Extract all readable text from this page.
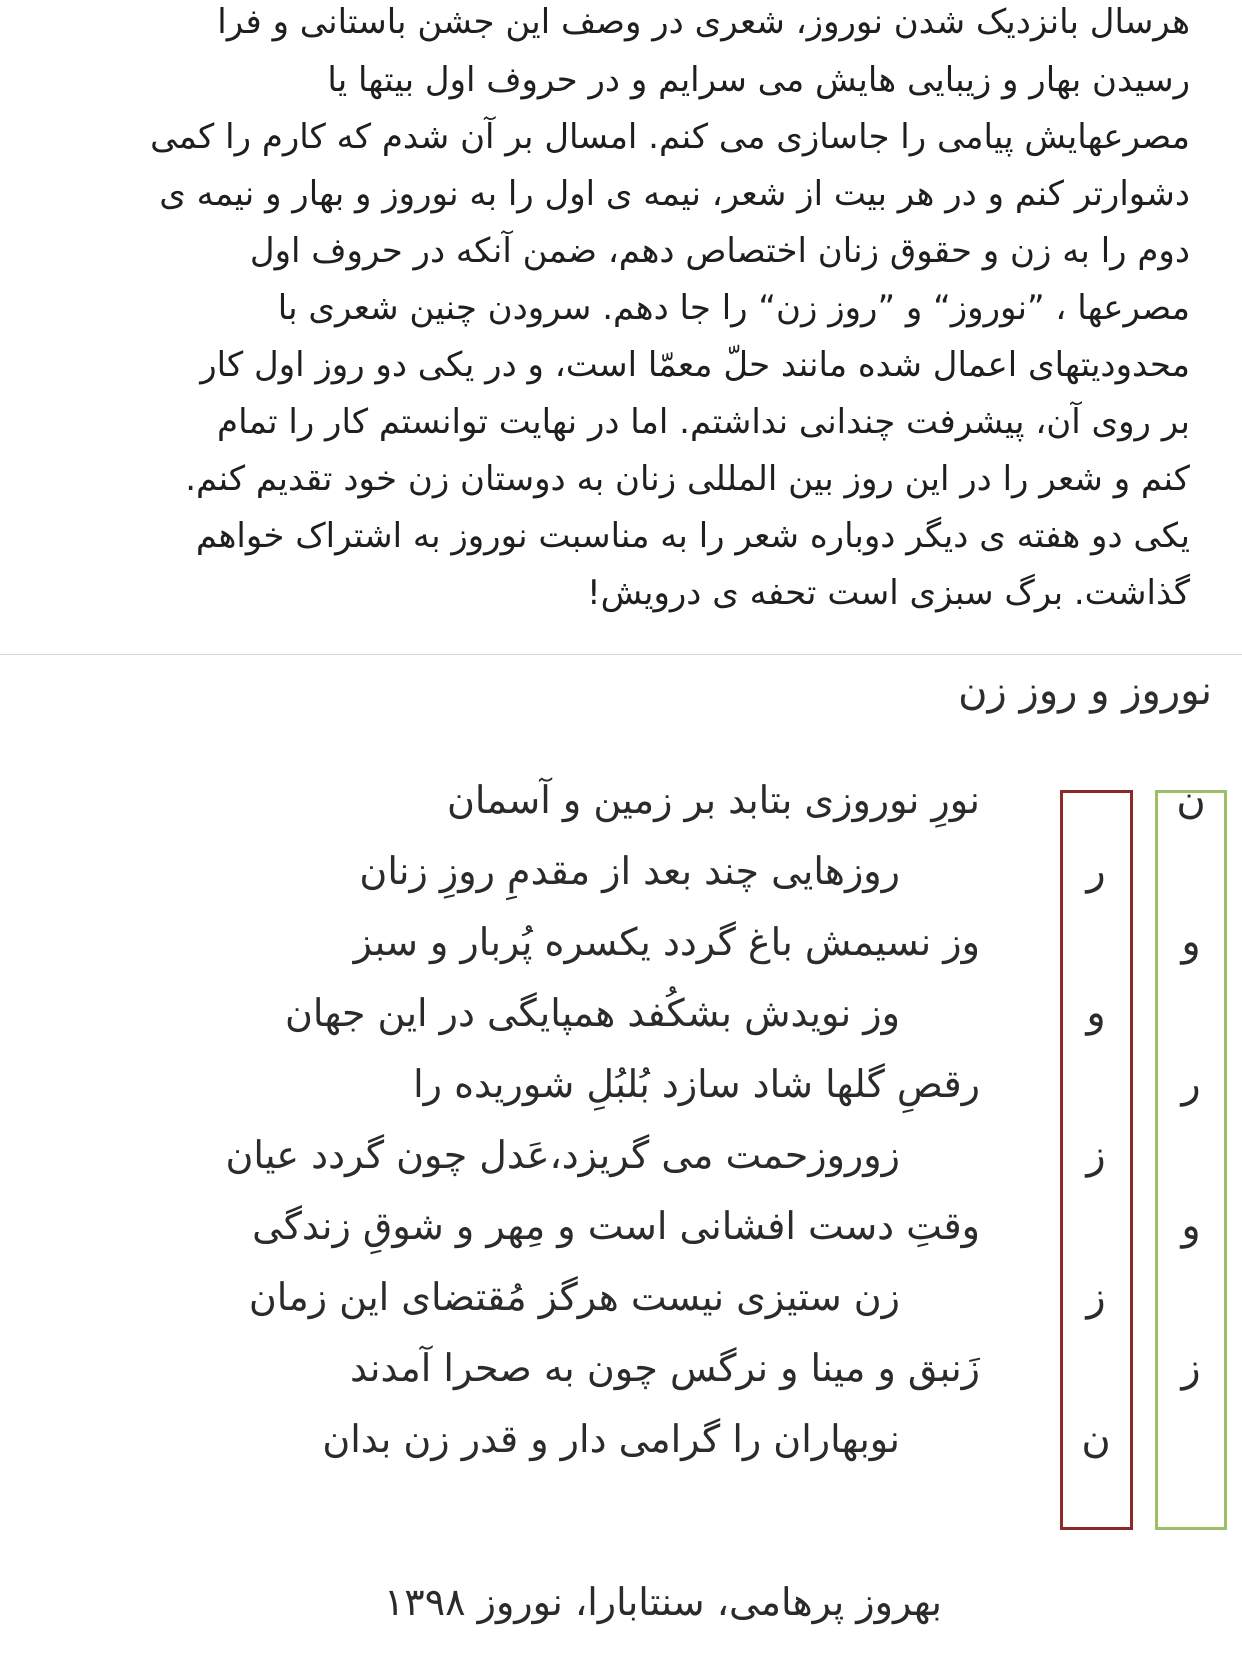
هرسال بانزدیک شدن نوروز، شعری در وصف این جشن باستانی و فرا
رسیدن بهار و زیبایی هایش می سرایم و در حروف اول بیتها یا
مصرعهایش پیامی را جاسازی می کنم. امسال بر آن شدم که کارم را کمی
دشوارتر کنم و در هر بیت از شعر، نیمه ی اول را به نوروز و بهار و نیمه ی
دوم را به زن و حقوق زنان اختصاص دهم، ضمن آنکه در حروف اول
مصرعها ، ”نوروز“ و ”روز زن“ را جا دهم. سرودن چنین شعری با
محدودیتهای اعمال شده مانند حلّ معمّا است، و در یکی دو روز اول کار
بر روی آن، پیشرفت چندانی نداشتم. اما در نهایت توانستم کار را تمام
کنم و شعر را در این روز بین المللی زنان به دوستان زن خود تقدیم کنم.
یکی دو هفته ی دیگر دوباره شعر را به مناسبت نوروز به اشتراک خواهم
گذاشت. برگ سبزی است تحفه ی درویش!
نوروز و روز زن
ن
و
ر
و
ز
ر
و
ز
ز
ن
نورِ نوروزی بتابد بر زمین و آسمان
روزهایی چند بعد از مقدمِ روزِ زنان
وز نسیمش باغ گردد یکسره پُربار و سبز
وز نویدش بشکُفد همپایگی در این جهان
رقصِ گلها شاد سازد بُلبُلِ شوریده را
زوروزحمت می گریزد،عَدل چون گردد عیان
وقتِ دست افشانی است و مِهر و شوقِ زندگی
زن ستیزی نیست هرگز مُقتضای این زمان
زَنبق و مینا و نرگس چون به صحرا آمدند
نوبهاران را گرامی دار و قدر زن بدان
بهروز پرهامی، سنتابارا، نوروز ۱۳۹۸
